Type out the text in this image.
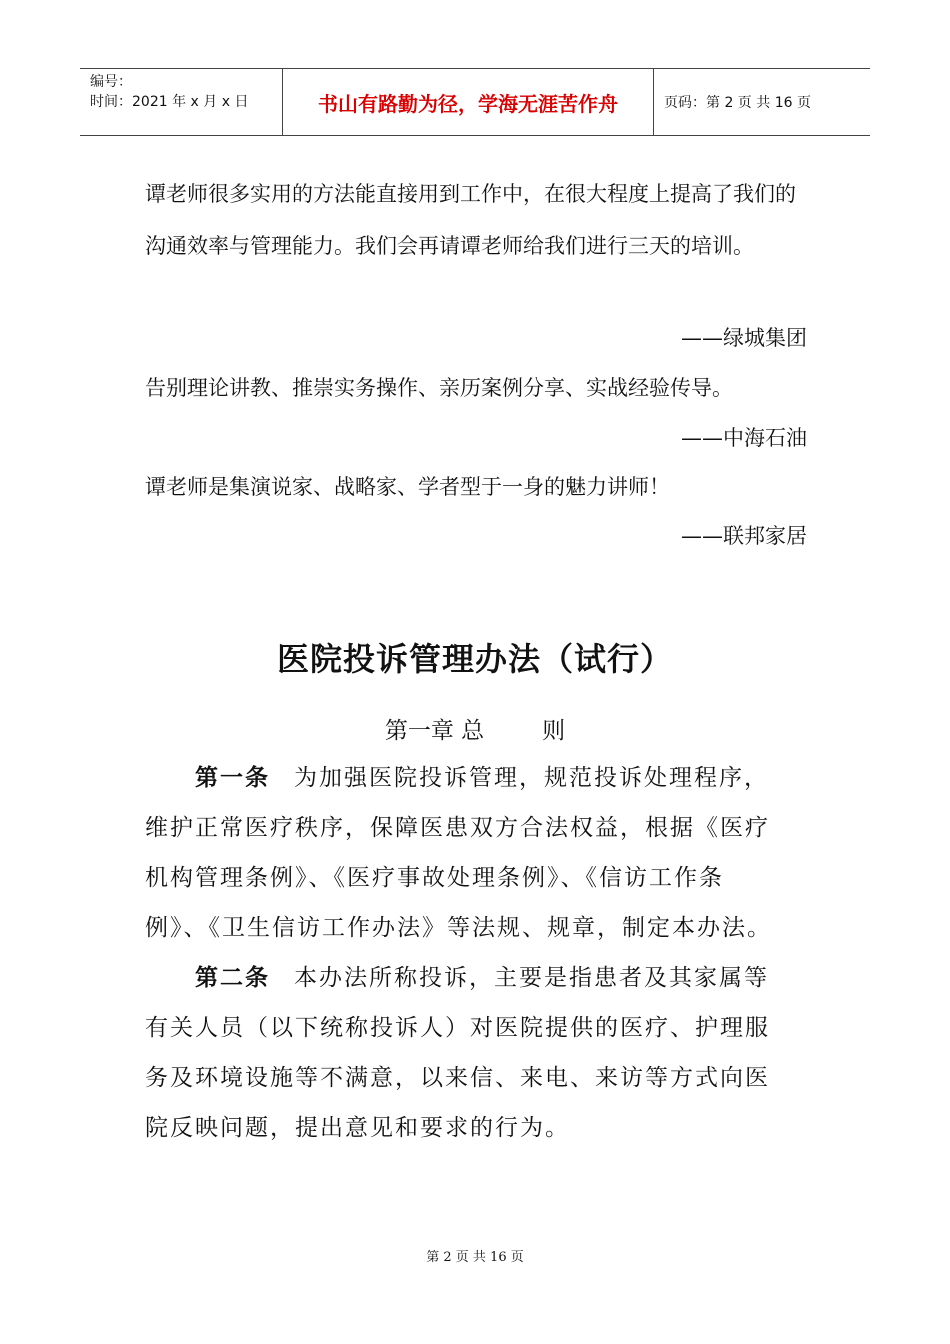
编号：
时间：2021 年 x 月 x 日	书山有路勤为径，学海无涯苦作舟	页码：第 2 页 共 16 页
谭老师很多实用的方法能直接用到工作中，在很大程度上提高了我们的沟通效率与管理能力。我们会再请谭老师给我们进行三天的培训。
——绿城集团
告别理论讲教、推崇实务操作、亲历案例分享、实战经验传导。
——中海石油
谭老师是集演说家、战略家、学者型于一身的魅力讲师！
——联邦家居
医院投诉管理办法（试行）
第一章 总	则
第一条 为加强医院投诉管理，规范投诉处理程序，
维护正常医疗秩序，保障医患双方合法权益，根据《医疗
机构管理条例》、《医疗事故处理条例》、《信访工作条
例》、《卫生信访工作办法》等法规、规章，制定本办法。
第二条 本办法所称投诉，主要是指患者及其家属等
有关人员（以下统称投诉人）对医院提供的医疗、护理服
务及环境设施等不满意，以来信、来电、来访等方式向医
院反映问题，提出意见和要求的行为。
第 2 页 共 16 页
